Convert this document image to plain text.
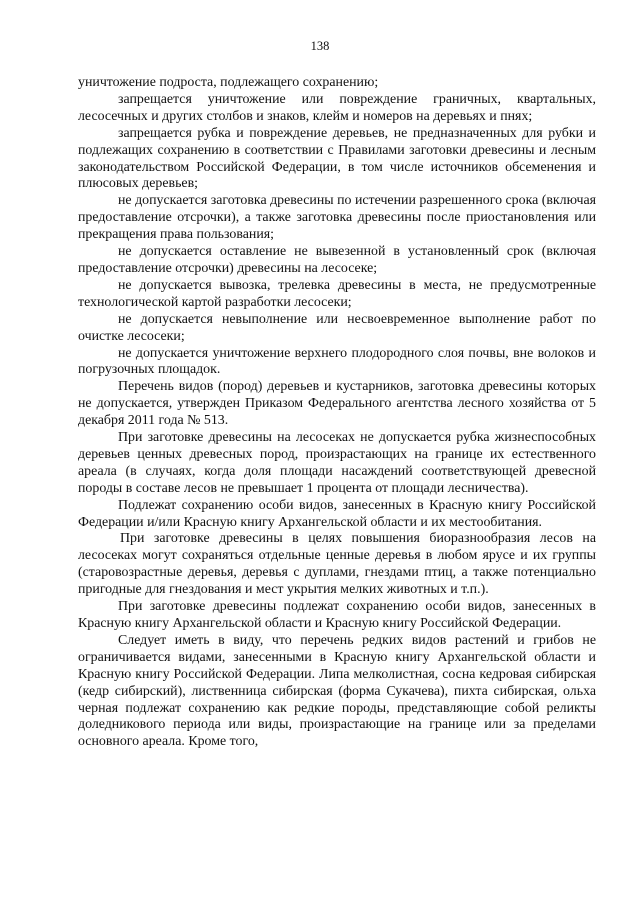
138

уничтожение подроста, подлежащего сохранению;

запрещается уничтожение или повреждение граничных, квартальных, лесосечных и других столбов и знаков, клейм и номеров на деревьях и пнях;

запрещается рубка и повреждение деревьев, не предназначенных для рубки и подлежащих сохранению в соответствии с Правилами заготовки древесины и лесным законодательством Российской Федерации, в том числе источников обсеменения и плюсовых деревьев;

не допускается заготовка древесины по истечении разрешенного срока (включая предоставление отсрочки), а также заготовка древесины после приостановления или прекращения права пользования;

не допускается оставление не вывезенной в установленный срок (включая предоставление отсрочки) древесины на лесосеке;

не допускается вывозка, трелевка древесины в места, не предусмотренные технологической картой разработки лесосеки;

не допускается невыполнение или несвоевременное выполнение работ по очистке лесосеки;

не допускается уничтожение верхнего плодородного слоя почвы, вне волоков и погрузочных площадок.

Перечень видов (пород) деревьев и кустарников, заготовка древесины которых не допускается, утвержден Приказом Федерального агентства лесного хозяйства от 5 декабря 2011 года № 513.

При заготовке древесины на лесосеках не допускается рубка жизнеспособных деревьев ценных древесных пород, произрастающих на границе их естественного ареала (в случаях, когда доля площади насаждений соответствующей древесной породы в составе лесов не превышает 1 процента от площади лесничества).

Подлежат сохранению особи видов, занесенных в Красную книгу Российской Федерации и/или Красную книгу Архангельской области и их местообитания.

При заготовке древесины в целях повышения биоразнообразия лесов на лесосеках могут сохраняться отдельные ценные деревья в любом ярусе и их группы (старовозрастные деревья, деревья с дуплами, гнездами птиц, а также потенциально пригодные для гнездования и мест укрытия мелких животных и т.п.).

При заготовке древесины подлежат сохранению особи видов, занесенных в Красную книгу Архангельской области и Красную книгу Российской Федерации.

Следует иметь в виду, что перечень редких видов растений и грибов не ограничивается видами, занесенными в Красную книгу Архангельской области и Красную книгу Российской Федерации. Липа мелколистная, сосна кедровая сибирская (кедр сибирский), лиственница сибирская (форма Сукачева), пихта сибирская, ольха черная подлежат сохранению как редкие породы, представляющие собой реликты доледникового периода или виды, произрастающие на границе или за пределами основного ареала. Кроме того,
